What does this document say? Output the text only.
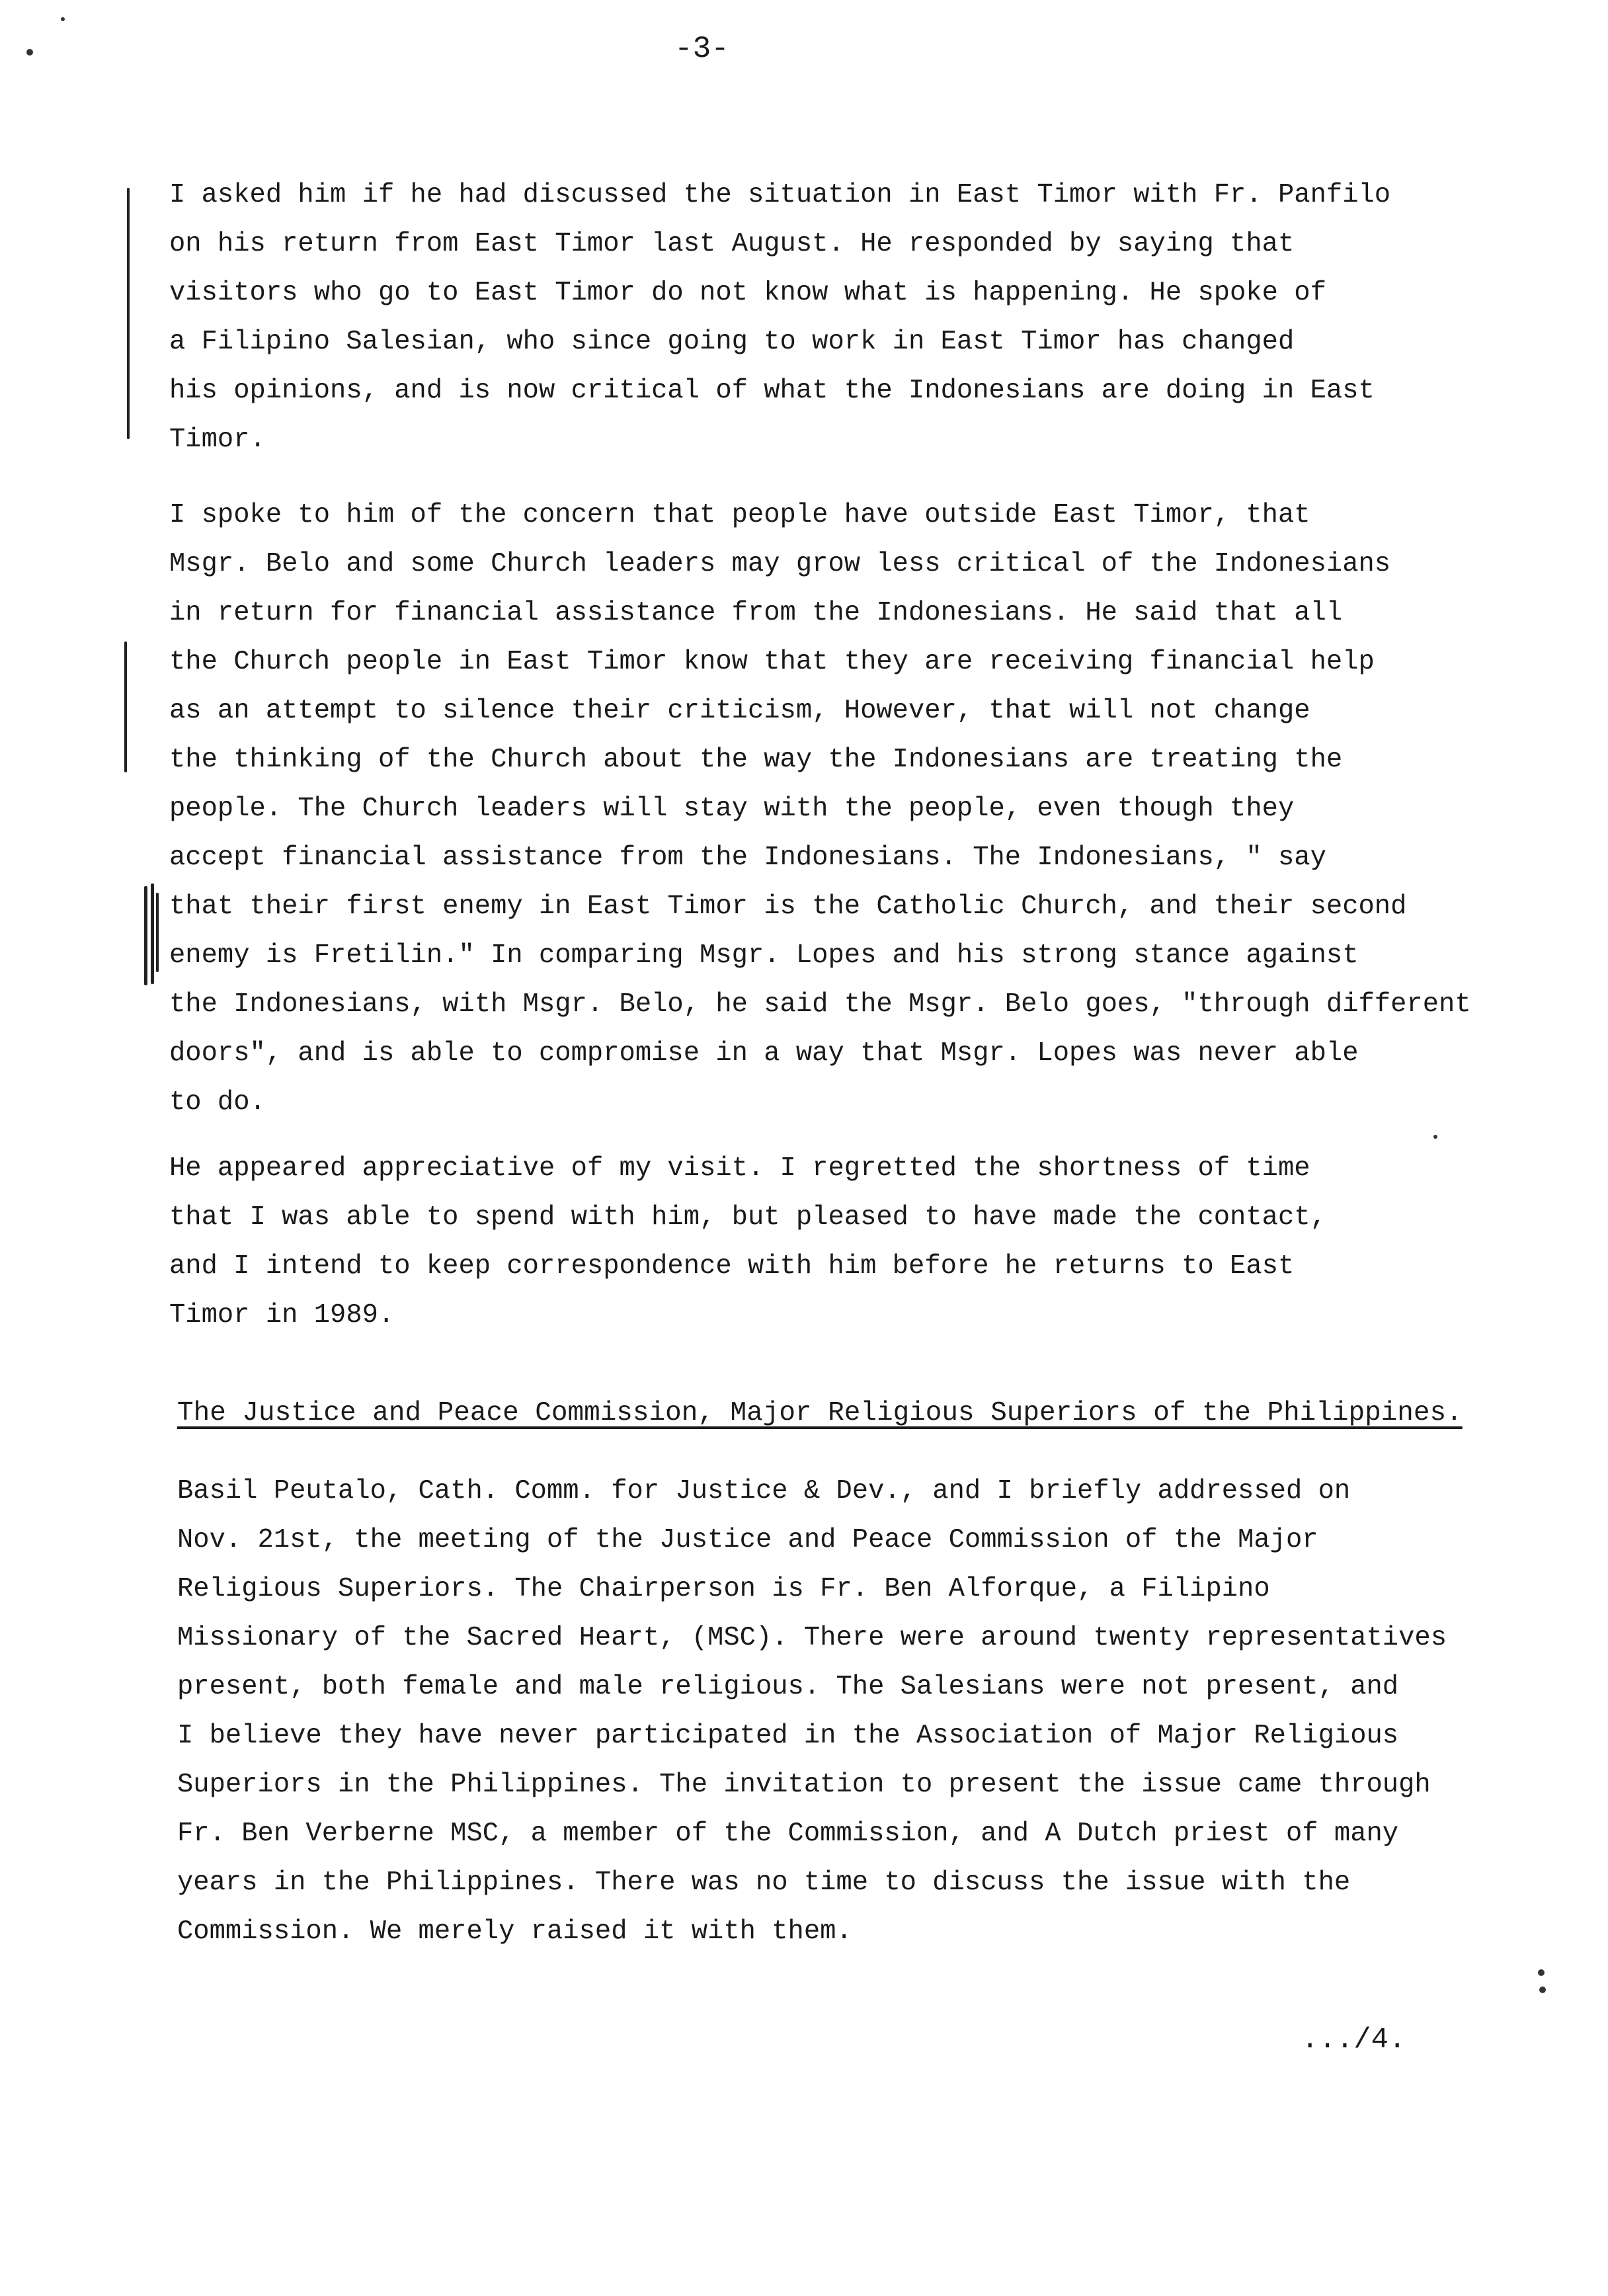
-3-

I asked him if he had discussed the situation in East Timor with Fr. Panfilo
on his return from East Timor last August. He responded by saying that
visitors who go to East Timor do not know what is happening. He spoke of
a Filipino Salesian, who since going to work in East Timor has changed
his opinions, and is now critical of what the Indonesians are doing in East
Timor.

I spoke to him of the concern that people have outside East Timor, that
Msgr. Belo and some Church leaders may grow less critical of the Indonesians
in return for financial assistance from the Indonesians. He said that all
the Church people in East Timor know that they are receiving financial help
as an attempt to silence their criticism, However, that will not change
the thinking of the Church about the way the Indonesians are treating the
people. The Church leaders will stay with the people, even though they
accept financial assistance from the Indonesians. The Indonesians, " say
that their first enemy in East Timor is the Catholic Church, and their second
enemy is Fretilin." In comparing Msgr. Lopes and his strong stance against
the Indonesians, with Msgr. Belo, he said the Msgr. Belo goes, "through different
doors", and is able to compromise in a way that Msgr. Lopes was never able
to do.

He appeared appreciative of my visit. I regretted the shortness of time
that I was able to spend with him, but pleased to have made the contact,
and I intend to keep correspondence with him before he returns to East
Timor in 1989.

The Justice and Peace Commission, Major Religious Superiors of the Philippines.

Basil Peutalo, Cath. Comm. for Justice & Dev., and I briefly addressed on
Nov. 21st, the meeting of the Justice and Peace Commission of the Major
Religious Superiors. The Chairperson is Fr. Ben Alforque, a Filipino
Missionary of the Sacred Heart, (MSC). There were around twenty representatives
present, both female and male religious. The Salesians were not present, and
I believe they have never participated in the Association of Major Religious
Superiors in the Philippines. The invitation to present the issue came through
Fr. Ben Verberne MSC, a member of the Commission, and A Dutch priest of many
years in the Philippines. There was no time to discuss the issue with the
Commission. We merely raised it with them.

.../4.
